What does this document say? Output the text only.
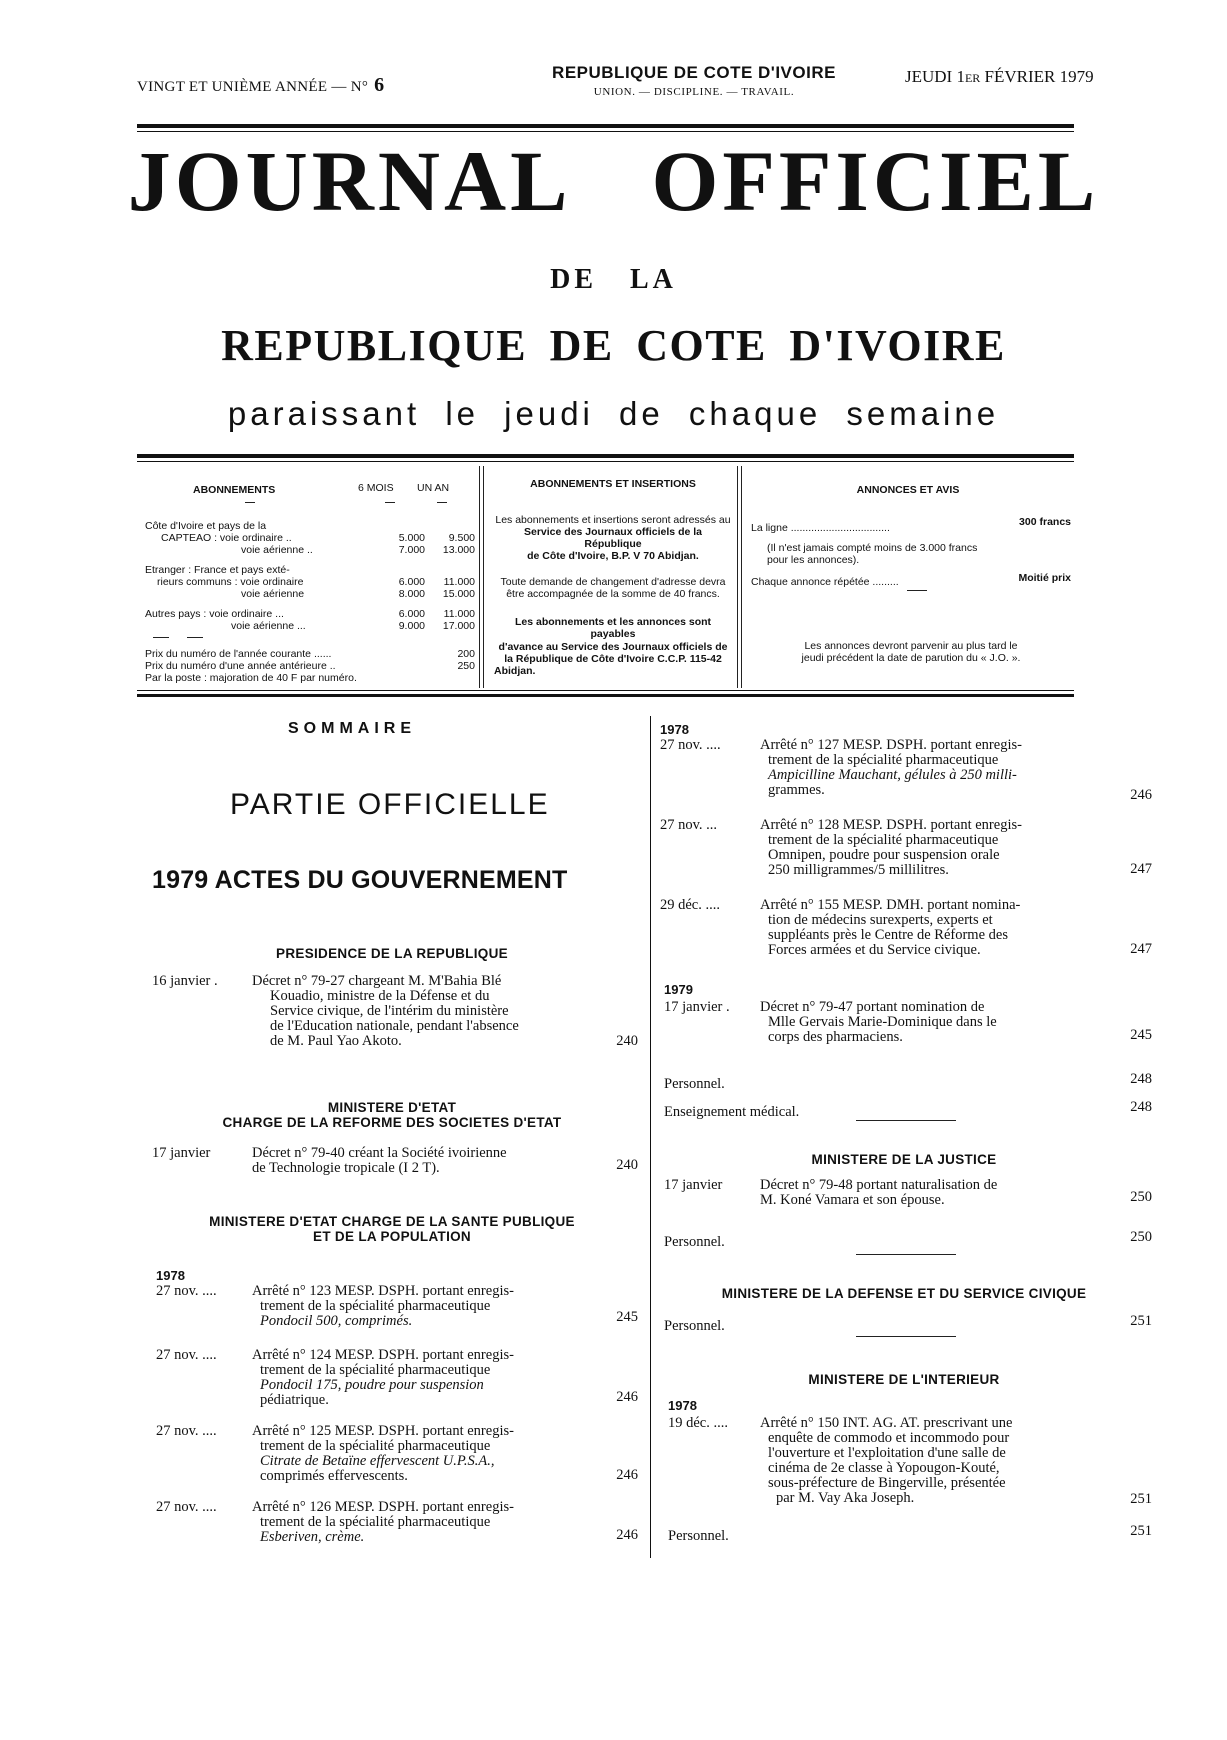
VINGT ET UNIÈME ANNÉE — N° 6
REPUBLIQUE DE COTE D'IVOIRE
UNION. — DISCIPLINE. — TRAVAIL.
JEUDI 1er FÉVRIER 1979
JOURNAL OFFICIEL
DE LA
REPUBLIQUE DE COTE D'IVOIRE
paraissant le jeudi de chaque semaine
ABONNEMENTS	6 MOIS UN AN
Côte d'Ivoire et pays de la
CAPTEAO : voie ordinaire ..	5.000	9.500
voie aérienne ..	7.000	13.000
Etranger : France et pays exté-
rieurs communs : voie ordinaire	6.000	11.000
voie aérienne	8.000	15.000
Autres pays : voie ordinaire ...	6.000	11.000
voie aérienne ...	9.000	17.000
Prix du numéro de l'année courante ......	200
Prix du numéro d'une année antérieure ..	250
Par la poste : majoration de 40 F par numéro.
ABONNEMENTS ET INSERTIONS
Les abonnements et insertions seront adressés au
Service des Journaux officiels de la République
de Côte d'Ivoire, B.P. V 70 Abidjan.
Toute demande de changement d'adresse devra
être accompagnée de la somme de 40 francs.
Les abonnements et les annonces sont payables
d'avance au Service des Journaux officiels de
la République de Côte d'Ivoire C.C.P. 115-42
Abidjan.
ANNONCES ET AVIS
La ligne ..................................	300 francs
(Il n'est jamais compté moins de 3.000 francs
pour les annonces).
Chaque annonce répétée .........	Moitié prix
Les annonces devront parvenir au plus tard le
jeudi précédent la date de parution du « J.O. ».
SOMMAIRE
PARTIE OFFICIELLE
1979 ACTES DU GOUVERNEMENT
PRESIDENCE DE LA REPUBLIQUE
16 janvier . Décret n° 79-27 chargeant M. M'Bahia Blé
Kouadio, ministre de la Défense et du
Service civique, de l'intérim du ministère
de l'Education nationale, pendant l'absence
de M. Paul Yao Akoto.	240
MINISTERE D'ETAT
CHARGE DE LA REFORME DES SOCIETES D'ETAT
17 janvier	Décret n° 79-40 créant la Société ivoirienne
de Technologie tropicale (I 2 T).	240
MINISTERE D'ETAT CHARGE DE LA SANTE PUBLIQUE
ET DE LA POPULATION
1978
27 nov. .... Arrêté n° 123 MESP. DSPH. portant enregis-
trement de la spécialité pharmaceutique
Pondocil 500, comprimés.	245
27 nov. .... Arrêté n° 124 MESP. DSPH. portant enregis-
trement de la spécialité pharmaceutique
Pondocil 175, poudre pour suspension
pédiatrique.	246
27 nov. .... Arrêté n° 125 MESP. DSPH. portant enregis-
trement de la spécialité pharmaceutique
Citrate de Betaïne effervescent U.P.S.A.,
comprimés effervescents.	246
27 nov. .... Arrêté n° 126 MESP. DSPH. portant enregis-
trement de la spécialité pharmaceutique
Esberiven, crème.	246
1978
27 nov. ....	Arrêté n° 127 MESP. DSPH. portant enregis-
trement de la spécialité pharmaceutique
Ampicilline Mauchant, gélules à 250 milli-
grammes.	246
27 nov. ...	Arrêté n° 128 MESP. DSPH. portant enregis-
trement de la spécialité pharmaceutique
Omnipen, poudre pour suspension orale
250 milligrammes/5 millilitres.	247
29 déc. ....	Arrêté n° 155 MESP. DMH. portant nomina-
tion de médecins surexperts, experts et
suppléants près le Centre de Réforme des
Forces armées et du Service civique.	247
1979
17 janvier . Décret n° 79-47 portant nomination de
Mlle Gervais Marie-Dominique dans le
corps des pharmaciens.	245
Personnel.	248
Enseignement médical.	248
MINISTERE DE LA JUSTICE
17 janvier	Décret n° 79-48 portant naturalisation de
M. Koné Vamara et son épouse.	250
Personnel.	250
MINISTERE DE LA DEFENSE ET DU SERVICE CIVIQUE
Personnel.	251
MINISTERE DE L'INTERIEUR
1978
19 déc. .... Arrêté n° 150 INT. AG. AT. prescrivant une
enquête de commodo et incommodo pour
l'ouverture et l'exploitation d'une salle de
cinéma de 2e classe à Yopougon-Kouté,
sous-préfecture de Bingerville, présentée
par M. Vay Aka Joseph.	251
Personnel.	251
